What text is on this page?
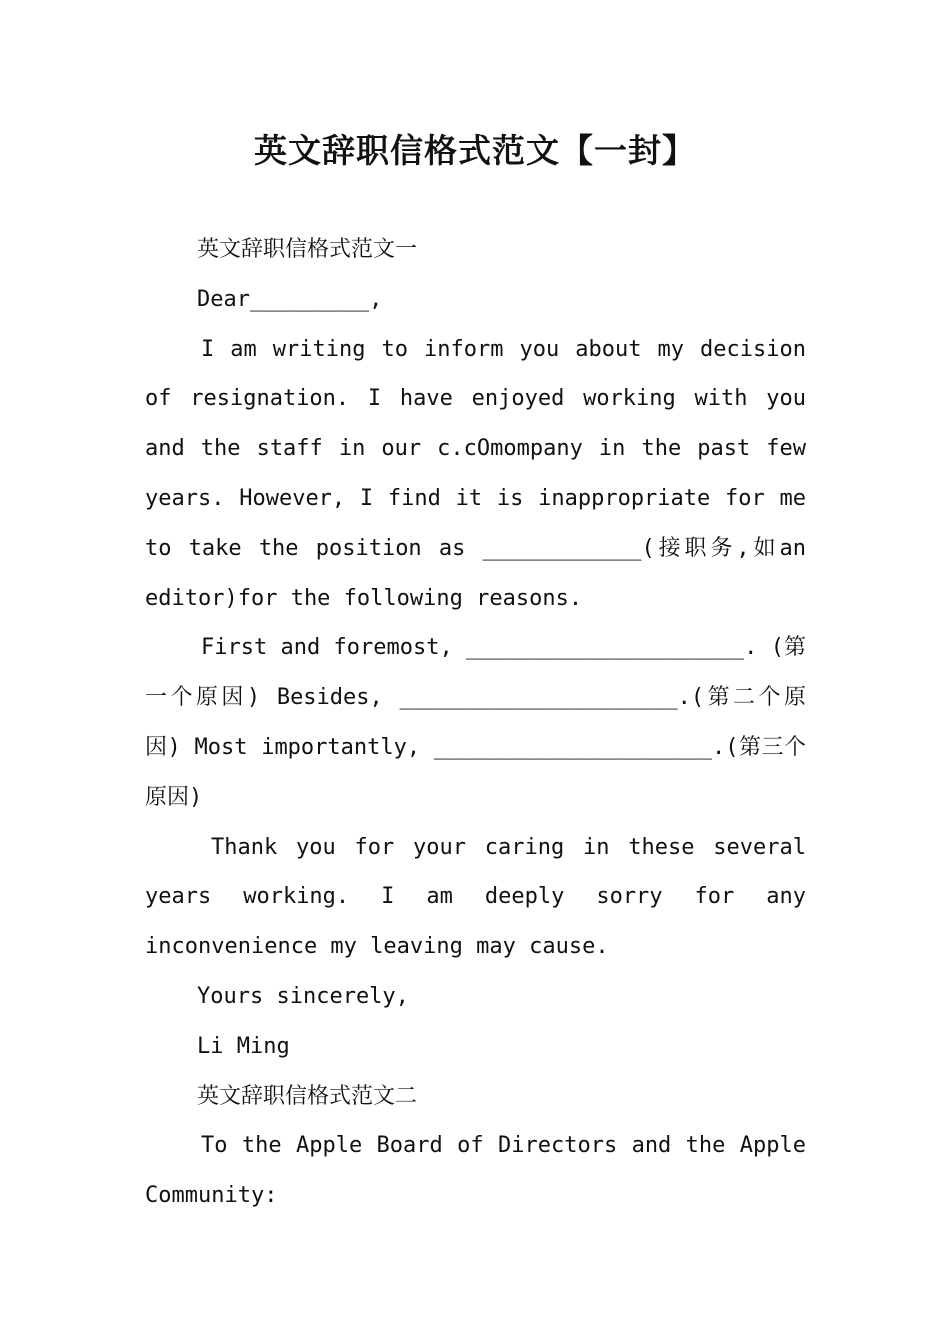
英文辞职信格式范文【一封】

英文辞职信格式范文一

Dear_________,

I am writing to inform you about my decision of resignation. I have enjoyed working with you and the staff in our c.cOmompany in the past few years. However, I find it is inappropriate for me to take the position as ____________(接职务,如an editor)for the following reasons.

First and foremost, _____________________. (第一个原因) Besides, _____________________.(第二个原因) Most importantly, _____________________.(第三个原因)

Thank you for your caring in these several years working. I am deeply sorry for any inconvenience my leaving may cause.

Yours sincerely,

Li Ming

英文辞职信格式范文二

To the Apple Board of Directors and the Apple Community:
